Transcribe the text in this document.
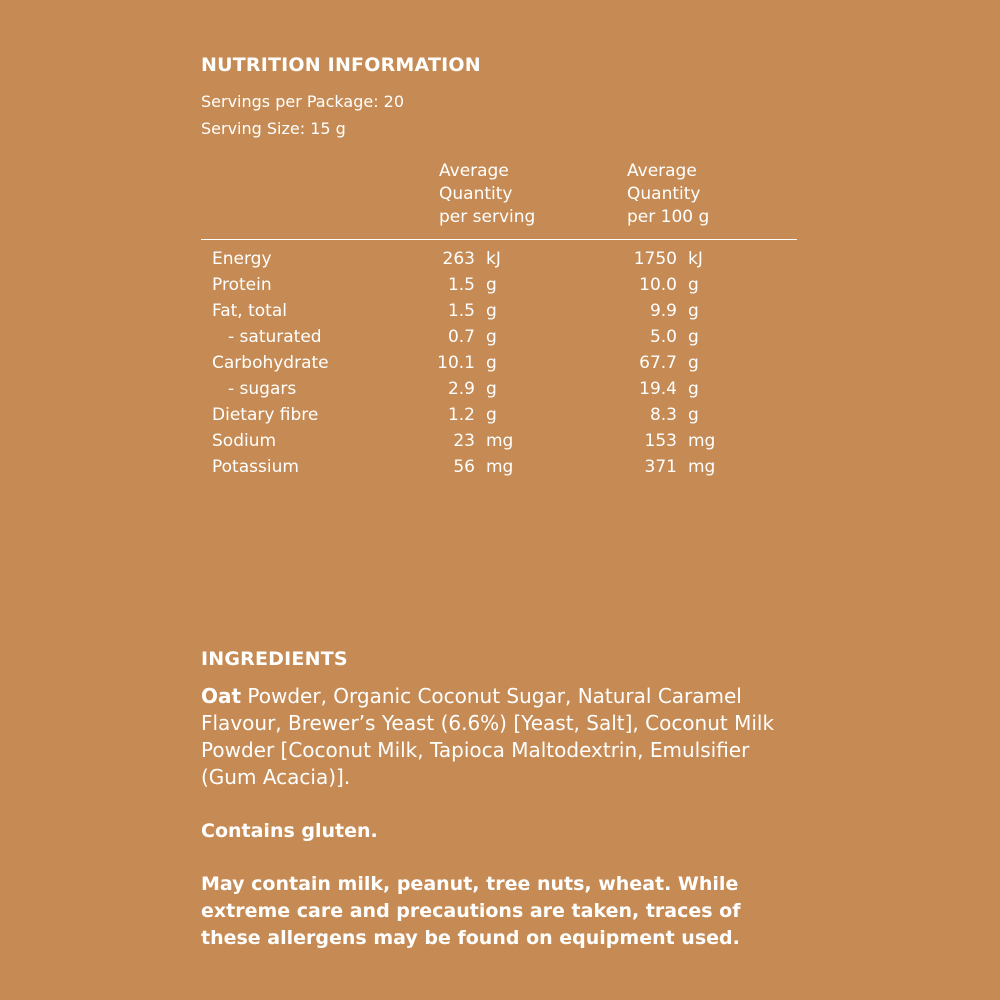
NUTRITION INFORMATION
Servings per Package: 20
Serving Size: 15 g
Average
Quantity
per serving
Average
Quantity
per 100 g
Energy	263 kJ	1750 kJ
Protein	1.5 g	10.0 g
Fat, total	1.5 g	9.9 g
- saturated	0.7 g	5.0 g
Carbohydrate	10.1 g	67.7 g
- sugars	2.9 g	19.4 g
Dietary fibre	1.2 g	8.3 g
Sodium	23 mg	153 mg
Potassium	56 mg	371 mg
INGREDIENTS
Oat Powder, Organic Coconut Sugar, Natural Caramel Flavour, Brewer’s Yeast (6.6%) [Yeast, Salt], Coconut Milk Powder [Coconut Milk, Tapioca Maltodextrin, Emulsifier (Gum Acacia)].
Contains gluten.
May contain milk, peanut, tree nuts, wheat. While extreme care and precautions are taken, traces of these allergens may be found on equipment used.
